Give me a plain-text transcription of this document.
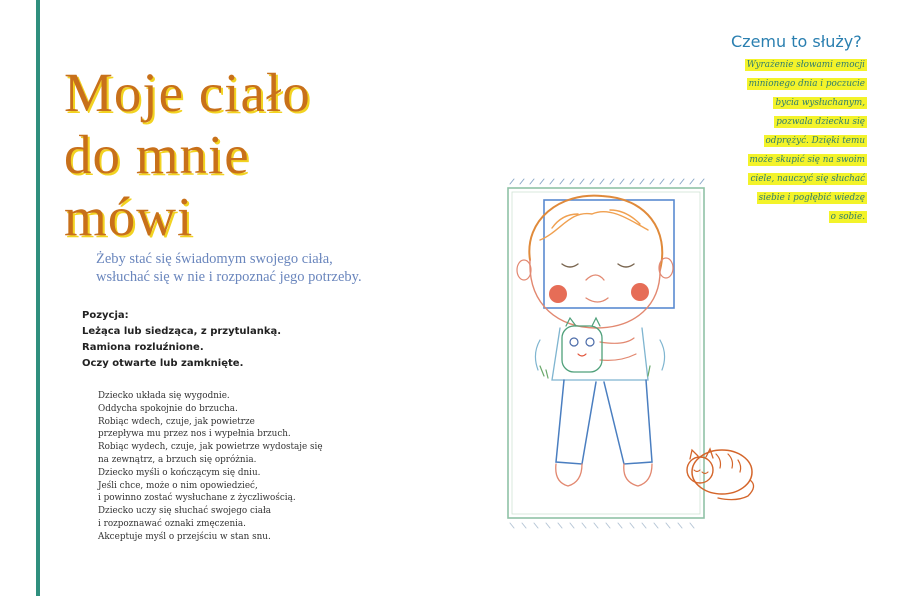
Moje ciało
do mnie
mówi
Żeby stać się świadomym swojego ciała,
wsłuchać się w nie i rozpoznać jego potrzeby.
Pozycja:
Leżąca lub siedząca, z przytulanką.
Ramiona rozluźnione.
Oczy otwarte lub zamknięte.
Dziecko układa się wygodnie.
Oddycha spokojnie do brzucha.
Robiąc wdech, czuje, jak powietrze
przepływa mu przez nos i wypełnia brzuch.
Robiąc wydech, czuje, jak powietrze wydostaje się
na zewnątrz, a brzuch się opróżnia.
Dziecko myśli o kończącym się dniu.
Jeśli chce, może o nim opowiedzieć,
i powinno zostać wysłuchane z życzliwością.
Dziecko uczy się słuchać swojego ciała
i rozpoznawać oznaki zmęczenia.
Akceptuje myśl o przejściu w stan snu.
Czemu to służy?
Wyrażenie słowami emocji
minionego dnia i poczucie
bycia wysłuchanym,
pozwala dziecku się
odprężyć. Dzięki temu
może skupić się na swoim
ciele, nauczyć się słuchać
siebie i pogłębić wiedzę
o sobie.
